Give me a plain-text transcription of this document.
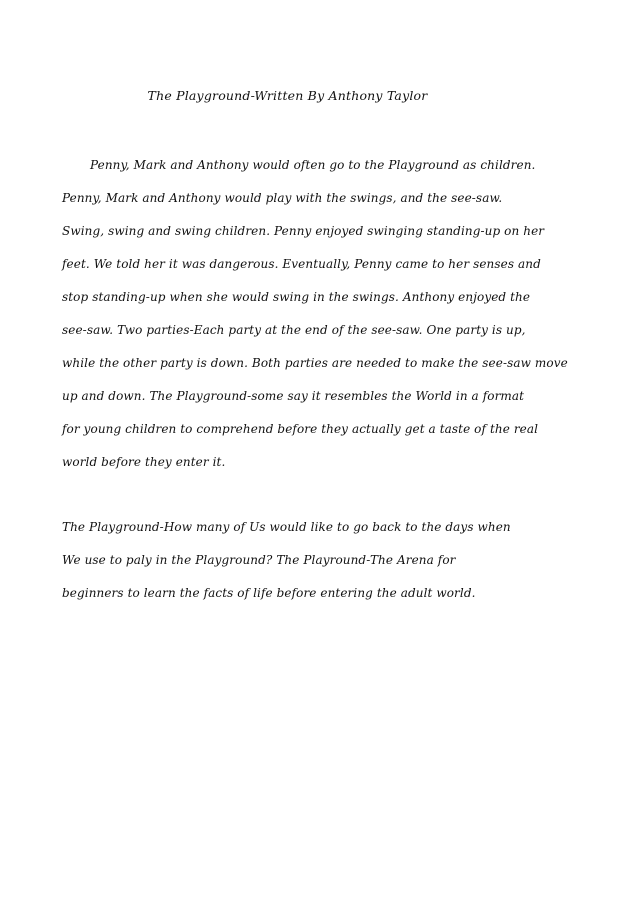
The Playground-Written By Anthony Taylor
Penny, Mark and Anthony would often go to the Playground as children.
Penny, Mark and Anthony would play with the swings, and the see-saw.
Swing, swing and swing children. Penny enjoyed swinging standing-up on her
feet. We told her it was dangerous. Eventually, Penny came to her senses and
stop standing-up when she would swing in the swings. Anthony enjoyed the
see-saw. Two parties-Each party at the end of the see-saw. One party is up,
while the other party is down. Both parties are needed to make the see-saw move
up and down. The Playground-some say it resembles the World in a format
for young children to comprehend before they actually get a taste of the real
world before they enter it.
The Playground-How many of Us would like to go back to the days when
We use to paly in the Playground? The Playround-The Arena for
beginners to learn the facts of life before entering the adult world.
